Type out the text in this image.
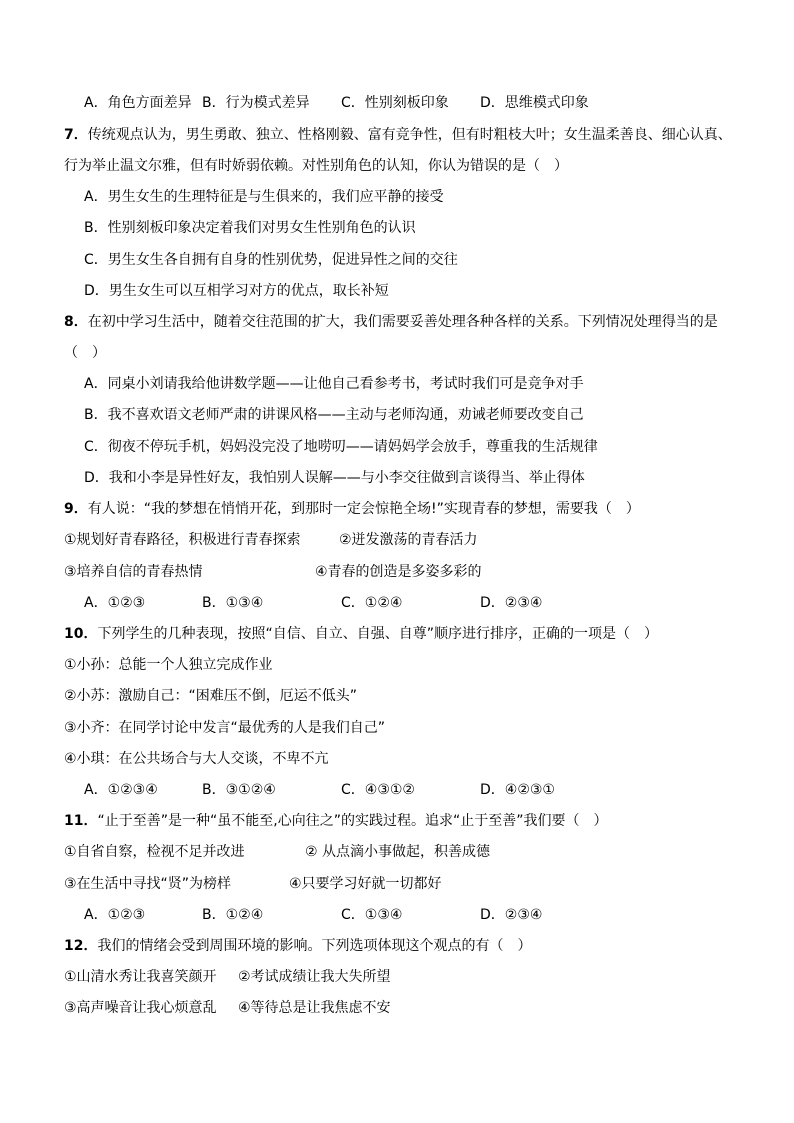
A．角色方面差异 B．行为模式差异 C．性别刻板印象 D．思维模式印象
7．传统观点认为，男生勇敢、独立、性格刚毅、富有竞争性，但有时粗枝大叶；女生温柔善良、细心认真、
行为举止温文尔雅，但有时娇弱依赖。对性别角色的认知，你认为错误的是（　）
A．男生女生的生理特征是与生俱来的，我们应平静的接受
B．性别刻板印象决定着我们对男女生性别角色的认识
C．男生女生各自拥有自身的性别优势，促进异性之间的交往
D．男生女生可以互相学习对方的优点，取长补短
8．在初中学习生活中，随着交往范围的扩大，我们需要妥善处理各种各样的关系。下列情况处理得当的是
（　）
A．同桌小刘请我给他讲数学题——让他自己看参考书，考试时我们可是竞争对手
B．我不喜欢语文老师严肃的讲课风格——主动与老师沟通，劝诫老师要改变自己
C．彻夜不停玩手机，妈妈没完没了地唠叨——请妈妈学会放手，尊重我的生活规律
D．我和小李是异性好友，我怕别人误解——与小李交往做到言谈得当、举止得体
9．有人说：“我的梦想在悄悄开花，到那时一定会惊艳全场!”实现青春的梦想，需要我（　）
①规划好青春路径，积极进行青春探索	②迸发激荡的青春活力
③培养自信的青春热情	④青春的创造是多姿多彩的
A．①②③	B．①③④	C．①②④	D．②③④
10．下列学生的几种表现，按照“自信、自立、自强、自尊”顺序进行排序，正确的一项是（　）
①小孙：总能一个人独立完成作业
②小苏：激励自己：“困难压不倒，厄运不低头”
③小齐：在同学讨论中发言“最优秀的人是我们自己”
④小琪：在公共场合与大人交谈，不卑不亢
A．①②③④	B．③①②④	C．④③①②	D．④②③①
11．“止于至善”是一种“虽不能至,心向往之”的实践过程。追求“止于至善”我们要（　）
①自省自察，检视不足并改进	② 从点滴小事做起，积善成德
③在生活中寻找“贤”为榜样	④只要学习好就一切都好
A．①②③	B．①②④	C．①③④	D．②③④
12．我们的情绪会受到周围环境的影响。下列选项体现这个观点的有（　）
①山清水秀让我喜笑颜开 ②考试成绩让我大失所望
③高声噪音让我心烦意乱 ④等待总是让我焦虑不安
